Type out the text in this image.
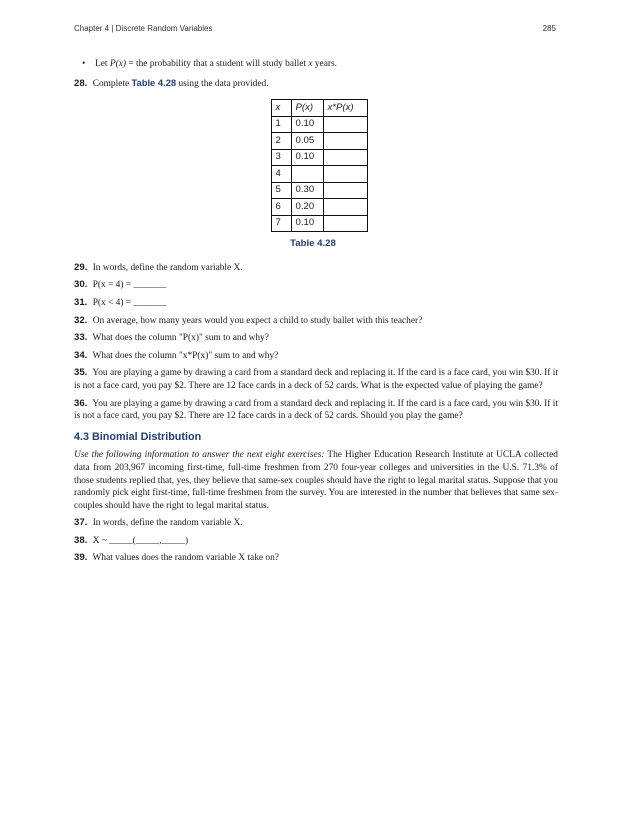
Chapter 4 | Discrete Random Variables	285
• Let P(x) = the probability that a student will study ballet x years.
28. Complete Table 4.28 using the data provided.
x	P(x)	x*P(x)
1	0.10	
2	0.05	
3	0.10	
4		
5	0.30	
6	0.20	
7	0.10	
Table 4.28
29. In words, define the random variable X.
30. P(x = 4) = _______
31. P(x < 4) = _______
32. On average, how many years would you expect a child to study ballet with this teacher?
33. What does the column "P(x)" sum to and why?
34. What does the column "x*P(x)" sum to and why?
35. You are playing a game by drawing a card from a standard deck and replacing it. If the card is a face card, you win $30. If it is not a face card, you pay $2. There are 12 face cards in a deck of 52 cards. What is the expected value of playing the game?
36. You are playing a game by drawing a card from a standard deck and replacing it. If the card is a face card, you win $30. If it is not a face card, you pay $2. There are 12 face cards in a deck of 52 cards. Should you play the game?
4.3 Binomial Distribution
Use the following information to answer the next eight exercises: The Higher Education Research Institute at UCLA collected data from 203,967 incoming first-time, full-time freshmen from 270 four-year colleges and universities in the U.S. 71.3% of those students replied that, yes, they believe that same-sex couples should have the right to legal marital status. Suppose that you randomly pick eight first-time, full-time freshmen from the survey. You are interested in the number that believes that same sex-couples should have the right to legal marital status.
37. In words, define the random variable X.
38. X ~ _____(_____,_____)
39. What values does the random variable X take on?
